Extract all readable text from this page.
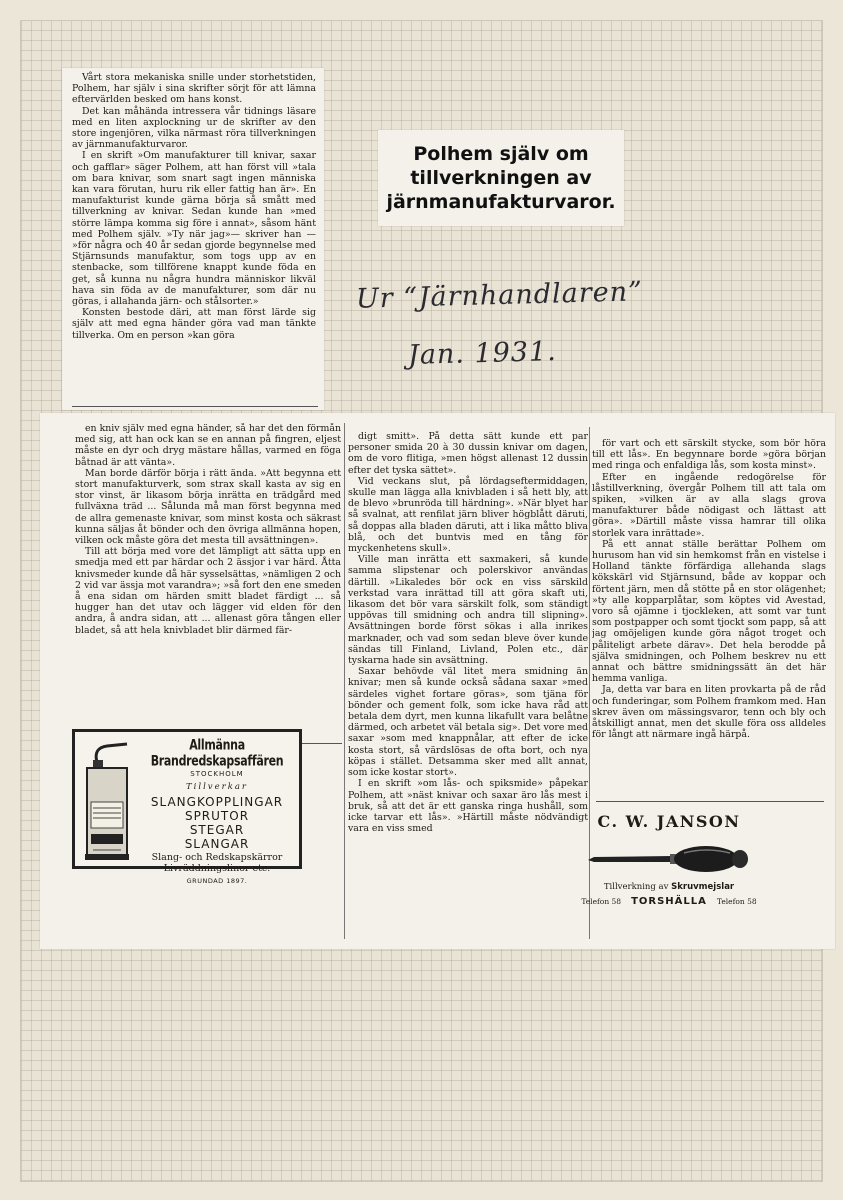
Vårt stora mekaniska snille under storhetstiden, Polhem, har själv i sina skrifter sörjt för att lämna eftervärlden besked om hans konst.

Det kan måhända intressera vår tidnings läsare med en liten axplockning ur de skrifter av den store ingenjören, vilka närmast röra tillverkningen av järnmanufakturvaror.

I en skrift »Om manufakturer till knivar, saxar och gafflar» säger Polhem, att han först vill »tala om bara knivar, som snart sagt ingen människa kan vara förutan, huru rik eller fattig han är». En manufakturist kunde gärna börja så smått med tillverkning av knivar. Sedan kunde han »med större lämpa komma sig före i annat», såsom hänt med Polhem själv. »Ty när jag»— skriver han — »för några och 40 år sedan gjorde begynnelse med Stjärnsunds manufaktur, som togs upp av en stenbacke, som tillförene knappt kunde föda en get, så kunna nu några hundra människor likväl hava sin föda av de manufakturer, som där nu göras, i allahanda järn- och stålsorter.»

Konsten bestode däri, att man först lärde sig själv att med egna händer göra vad man tänkte tillverka. Om en person »kan göra

Polhem själv om tillverkningen av järnmanufakturvaror.
Ur “Järnhandlaren”
Jan. 1931.

en kniv själv med egna händer, så har det den förmån med sig, att han ock kan se en annan på fingren, eljest måste en dyr och dryg mästare hållas, varmed en föga båtnad är att vänta».

Man borde därför börja i rätt ända. »Att begynna ett stort manufakturverk, som strax skall kasta av sig en stor vinst, är likasom börja inrätta en trädgård med fullväxna träd ... Sålunda må man först begynna med de allra gemenaste knivar, som minst kosta och säkrast kunna säljas åt bönder och den övriga allmänna hopen, vilken ock måste göra det mesta till avsättningen».

Till att börja med vore det lämpligt att sätta upp en smedja med ett par härdar och 2 ässjor i var härd. Åtta knivsmeder kunde då här sysselsättas, »nämligen 2 och 2 vid var ässja mot varandra»; »så fort den ene smeden å ena sidan om härden smitt bladet färdigt ... så hugger han det utav och lägger vid elden för den andra, å andra sidan, att ... allenast göra tången eller bladet, så att hela knivbladet blir därmed fär-

digt smitt». På detta sätt kunde ett par personer smida 20 à 30 dussin knivar om dagen, om de voro flitiga, »men högst allenast 12 dussin efter det tyska sättet».

Vid veckans slut, på lördagseftermiddagen, skulle man lägga alla knivbladen i så hett bly, att de blevo »brunröda till härdning». »När blyet har så svalnat, att renfilat järn bliver högblått däruti, så doppas alla bladen däruti, att i lika måtto bliva blå, och det buntvis med en tång för myckenhetens skull».

Ville man inrätta ett saxmakeri, så kunde samma slipstenar och polerskivor användas därtill. »Likaledes bör ock en viss särskild verkstad vara inrättad till att göra skaft uti, likasom det bör vara särskilt folk, som ständigt uppövas till smidning och andra till slipning». Avsättningen borde först sökas i alla inrikes marknader, och vad som sedan bleve över kunde sändas till Finland, Livland, Polen etc., där tyskarna hade sin avsättning.

Saxar behövde väl litet mera smidning än knivar; men så kunde också sådana saxar »med särdeles vighet fortare göras», som tjäna för bönder och gement folk, som icke hava råd att betala dem dyrt, men kunna likafullt vara belåtne därmed, och arbetet väl betala sig». Det vore med saxar »som med knappnålar, att efter de icke kosta stort, så värdslösas de ofta bort, och nya köpas i stället. Detsamma sker med allt annat, som icke kostar stort».

I en skrift »om lås- och spiksmide» påpekar Polhem, att »näst knivar och saxar äro lås mest i bruk, så att det är ett ganska ringa hushåll, som icke tarvar ett lås». »Härtill måste nödvändigt vara en viss smed

för vart och ett särskilt stycke, som bör höra till ett lås». En begynnare borde »göra början med ringa och enfaldiga lås, som kosta minst».

Efter en ingående redogörelse för låstillverkning, övergår Polhem till att tala om spiken, »vilken är av alla slags grova manufakturer både nödigast och lättast att göra». »Därtill måste vissa hamrar till olika storlek vara inrättade».

På ett annat ställe berättar Polhem om hurusom han vid sin hemkomst från en vistelse i Holland tänkte förfärdiga allehanda slags kökskärl vid Stjärnsund, både av koppar och förtent järn, men då stötte på en stor olägenhet; »ty alle kopparplåtar, som köptes vid Avestad, voro så ojämne i tjockleken, att somt var tunt som postpapper och somt tjockt som papp, så att jag omöjeligen kunde göra något troget och påliteligt arbete därav». Det hela berodde på själva smidningen, och Polhem beskrev nu ett annat och bättre smidningssätt än det här hemma vanliga.

Ja, detta var bara en liten provkarta på de råd och funderingar, som Polhem framkom med. Han skrev även om mässingsvaror, tenn och bly och åtskilligt annat, men det skulle föra oss alldeles för långt att närmare ingå härpå.

Allmänna Brandredskapsaffären
STOCKHOLM
Tillverkar
SLANGKOPPLINGAR
SPRUTOR
STEGAR
SLANGAR
Slang- och Redskapskärror Livräddningslinor etc.
GRUNDAD 1897.
C. W. JANSON
Tillverkning av Skruvmejslar
Telefon 58 TORSHÄLLA Telefon 58
